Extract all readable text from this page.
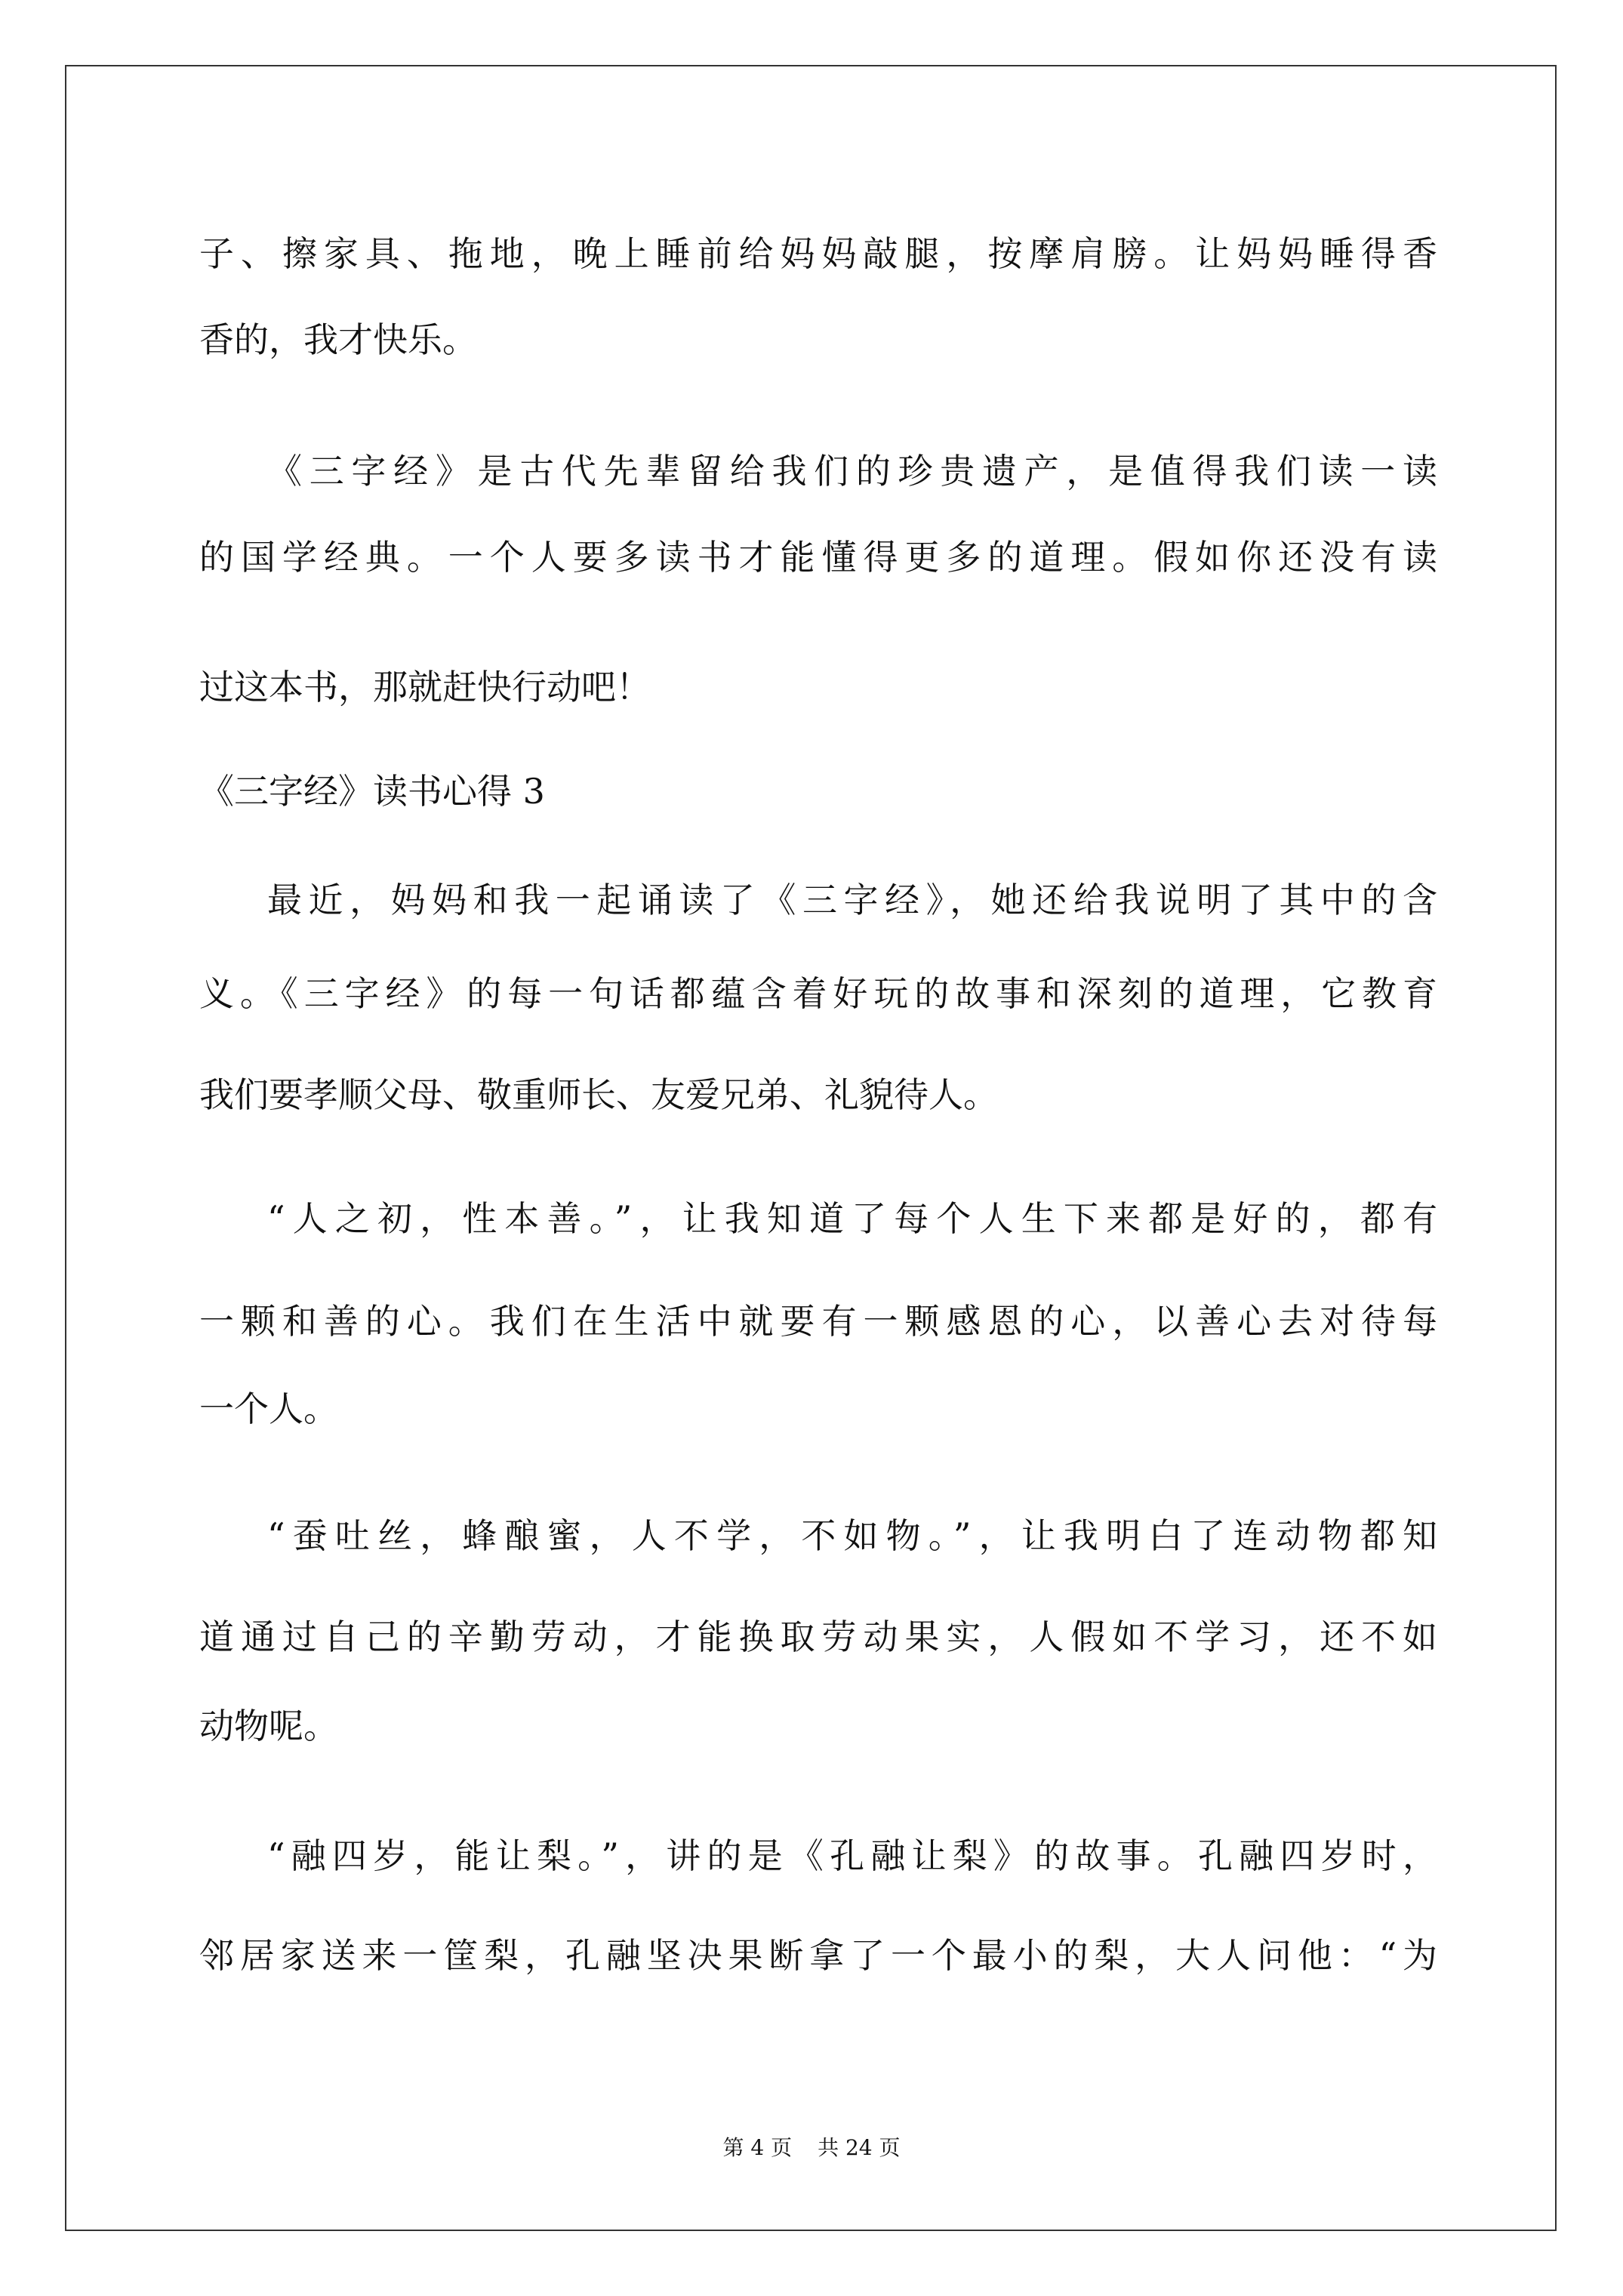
子、擦家具、拖地，晚上睡前给妈妈敲腿，按摩肩膀。让妈妈睡得香
香的，我才快乐。
《三字经》是古代先辈留给我们的珍贵遗产，是值得我们读一读
的国学经典。一个人要多读书才能懂得更多的道理。假如你还没有读
过这本书，那就赶快行动吧！
《三字经》读书心得 3
最近，妈妈和我一起诵读了《三字经》，她还给我说明了其中的含
义。《三字经》的每一句话都蕴含着好玩的故事和深刻的道理，它教育
我们要孝顺父母、敬重师长、友爱兄弟、礼貌待人。
“人之初，性本善。”，让我知道了每个人生下来都是好的，都有
一颗和善的心。我们在生活中就要有一颗感恩的心，以善心去对待每
一个人。
“蚕吐丝，蜂酿蜜，人不学，不如物。”，让我明白了连动物都知
道通过自己的辛勤劳动，才能换取劳动果实，人假如不学习，还不如
动物呢。
“融四岁，能让梨。”，讲的是《孔融让梨》的故事。孔融四岁时，
邻居家送来一筐梨，孔融坚决果断拿了一个最小的梨，大人问他：“为
第 4 页 共 24 页
